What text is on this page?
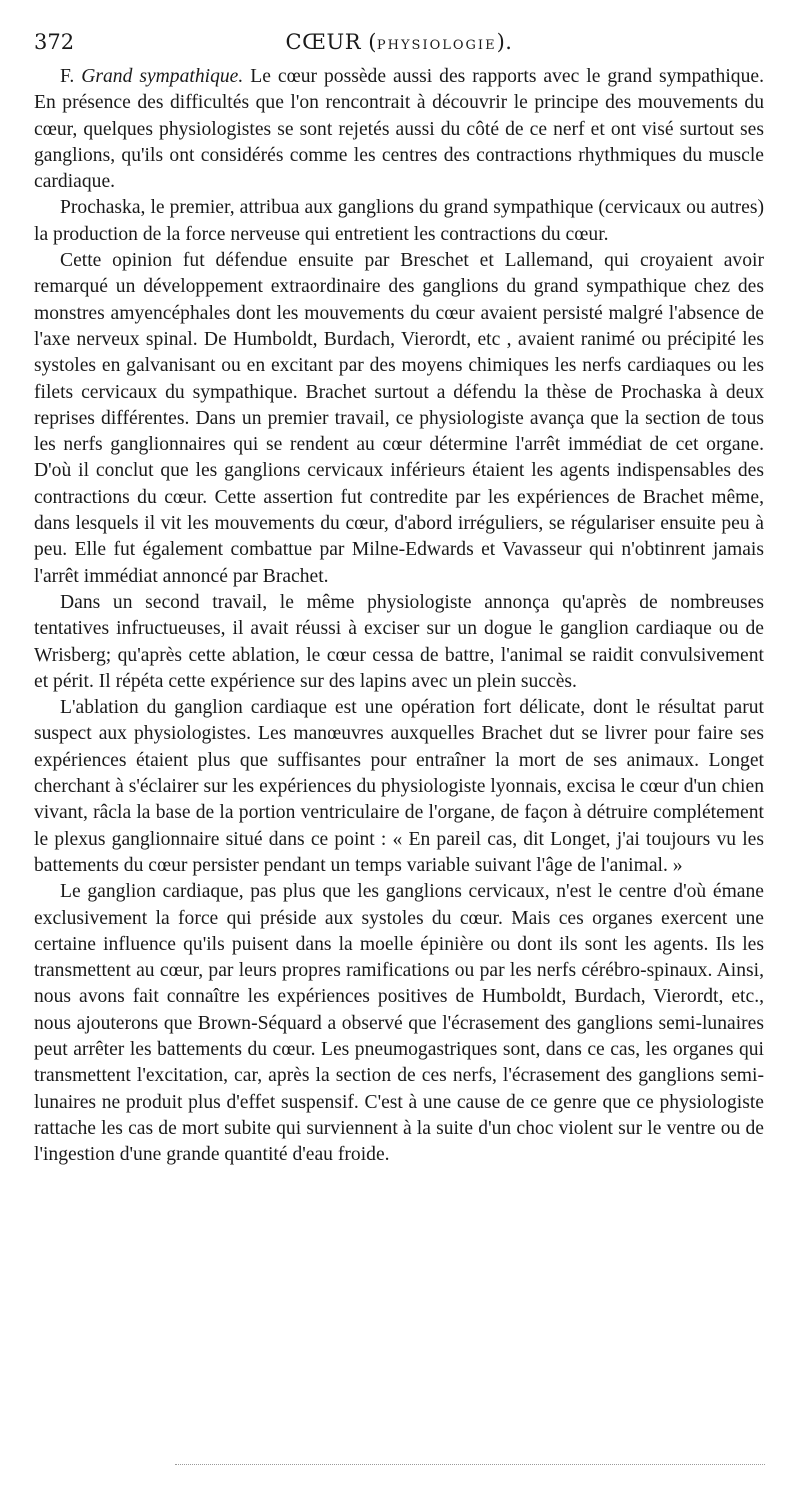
372	CŒUR (PHYSIOLOGIE).

F. Grand sympathique. Le cœur possède aussi des rapports avec le grand sympathique. En présence des difficultés que l'on rencontrait à découvrir le principe des mouvements du cœur, quelques physiologistes se sont rejetés aussi du côté de ce nerf et ont visé surtout ses ganglions, qu'ils ont considérés comme les centres des contractions rhythmiques du muscle cardiaque.

Prochaska, le premier, attribua aux ganglions du grand sympathique (cervicaux ou autres) la production de la force nerveuse qui entretient les contractions du cœur.

Cette opinion fut défendue ensuite par Breschet et Lallemand, qui croyaient avoir remarqué un développement extraordinaire des ganglions du grand sympathique chez des monstres amyencéphales dont les mouvements du cœur avaient persisté malgré l'absence de l'axe nerveux spinal. De Humboldt, Burdach, Vierordt, etc , avaient ranimé ou précipité les systoles en galvanisant ou en excitant par des moyens chimiques les nerfs cardiaques ou les filets cervicaux du sympathique. Brachet surtout a défendu la thèse de Prochaska à deux reprises différentes. Dans un premier travail, ce physiologiste avança que la section de tous les nerfs ganglionnaires qui se rendent au cœur détermine l'arrêt immédiat de cet organe. D'où il conclut que les ganglions cervicaux inférieurs étaient les agents indispensables des contractions du cœur. Cette assertion fut contredite par les expériences de Brachet même, dans lesquels il vit les mouvements du cœur, d'abord irréguliers, se régulariser ensuite peu à peu. Elle fut également combattue par Milne-Edwards et Vavasseur qui n'obtinrent jamais l'arrêt immédiat annoncé par Brachet.

Dans un second travail, le même physiologiste annonça qu'après de nombreuses tentatives infructueuses, il avait réussi à exciser sur un dogue le ganglion cardiaque ou de Wrisberg; qu'après cette ablation, le cœur cessa de battre, l'animal se raidit convulsivement et périt. Il répéta cette expérience sur des lapins avec un plein succès.

L'ablation du ganglion cardiaque est une opération fort délicate, dont le résultat parut suspect aux physiologistes. Les manœuvres auxquelles Brachet dut se livrer pour faire ses expériences étaient plus que suffisantes pour entraîner la mort de ses animaux. Longet cherchant à s'éclairer sur les expériences du physiologiste lyonnais, excisa le cœur d'un chien vivant, râcla la base de la portion ventriculaire de l'organe, de façon à détruire complétement le plexus ganglionnaire situé dans ce point : « En pareil cas, dit Longet, j'ai toujours vu les battements du cœur persister pendant un temps variable suivant l'âge de l'animal. »

Le ganglion cardiaque, pas plus que les ganglions cervicaux, n'est le centre d'où émane exclusivement la force qui préside aux systoles du cœur. Mais ces organes exercent une certaine influence qu'ils puisent dans la moelle épinière ou dont ils sont les agents. Ils les transmettent au cœur, par leurs propres ramifications ou par les nerfs cérébro-spinaux. Ainsi, nous avons fait connaître les expériences positives de Humboldt, Burdach, Vierordt, etc., nous ajouterons que Brown-Séquard a observé que l'écrasement des ganglions semi-lunaires peut arrêter les battements du cœur. Les pneumogastriques sont, dans ce cas, les organes qui transmettent l'excitation, car, après la section de ces nerfs, l'écrasement des ganglions semi-lunaires ne produit plus d'effet suspensif. C'est à une cause de ce genre que ce physiologiste rattache les cas de mort subite qui surviennent à la suite d'un choc violent sur le ventre ou de l'ingestion d'une grande quantité d'eau froide.
